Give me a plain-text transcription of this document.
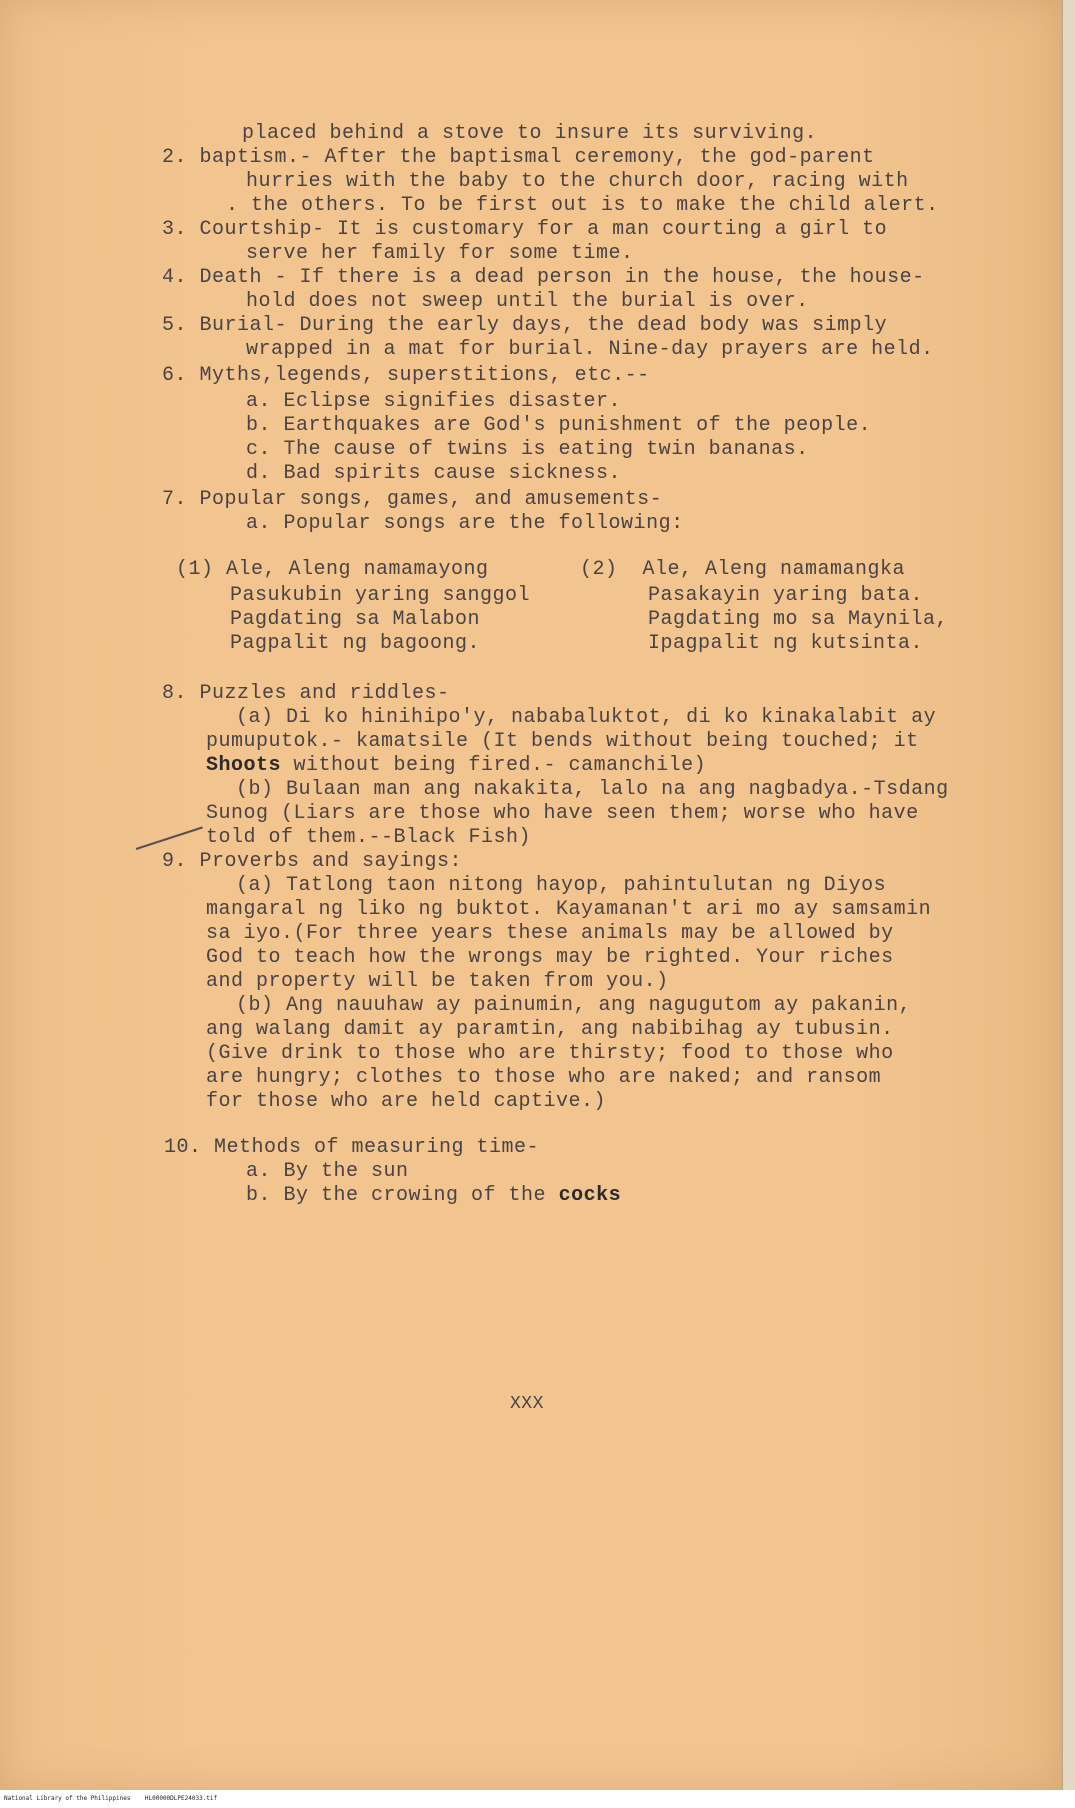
placed behind a stove to insure its surviving.
2. baptism.- After the baptismal ceremony, the god-parent
hurries with the baby to the church door, racing with
. the others. To be first out is to make the child alert.
3. Courtship- It is customary for a man courting a girl to
serve her family for some time.
4. Death - If there is a dead person in the house, the house-
hold does not sweep until the burial is over.
5. Burial- During the early days, the dead body was simply
wrapped in a mat for burial. Nine-day prayers are held.
6. Myths,legends, superstitions, etc.--
a. Eclipse signifies disaster.
b. Earthquakes are God's punishment of the people.
c. The cause of twins is eating twin bananas.
d. Bad spirits cause sickness.
7. Popular songs, games, and amusements-
a. Popular songs are the following:
(1) Ale, Aleng namamayong
Pasukubin yaring sanggol
Pagdating sa Malabon
Pagpalit ng bagoong.
(2)  Ale, Aleng namamangka
Pasakayin yaring bata.
Pagdating mo sa Maynila,
Ipagpalit ng kutsinta.
8. Puzzles and riddles-
(a) Di ko hinihipo'y, nababaluktot, di ko kinakalabit ay
pumuputok.- kamatsile (It bends without being touched; it
Shoots without being fired.- camanchile)
(b) Bulaan man ang nakakita, lalo na ang nagbadya.-Tsdang
Sunog (Liars are those who have seen them; worse who have
told of them.--Black Fish)
9. Proverbs and sayings:
(a) Tatlong taon nitong hayop, pahintulutan ng Diyos
mangaral ng liko ng buktot. Kayamanan't ari mo ay samsamin
sa iyo.(For three years these animals may be allowed by
God to teach how the wrongs may be righted. Your riches
and property will be taken from you.)
(b) Ang nauuhaw ay painumin, ang nagugutom ay pakanin,
ang walang damit ay paramtin, ang nabibihag ay tubusin.
(Give drink to those who are thirsty; food to those who
are hungry; clothes to those who are naked; and ransom
for those who are held captive.)
10. Methods of measuring time-
a. By the sun
b. By the crowing of the cocks
XXX
National Library of the Philippines    HL00000DLPE24033.tif
